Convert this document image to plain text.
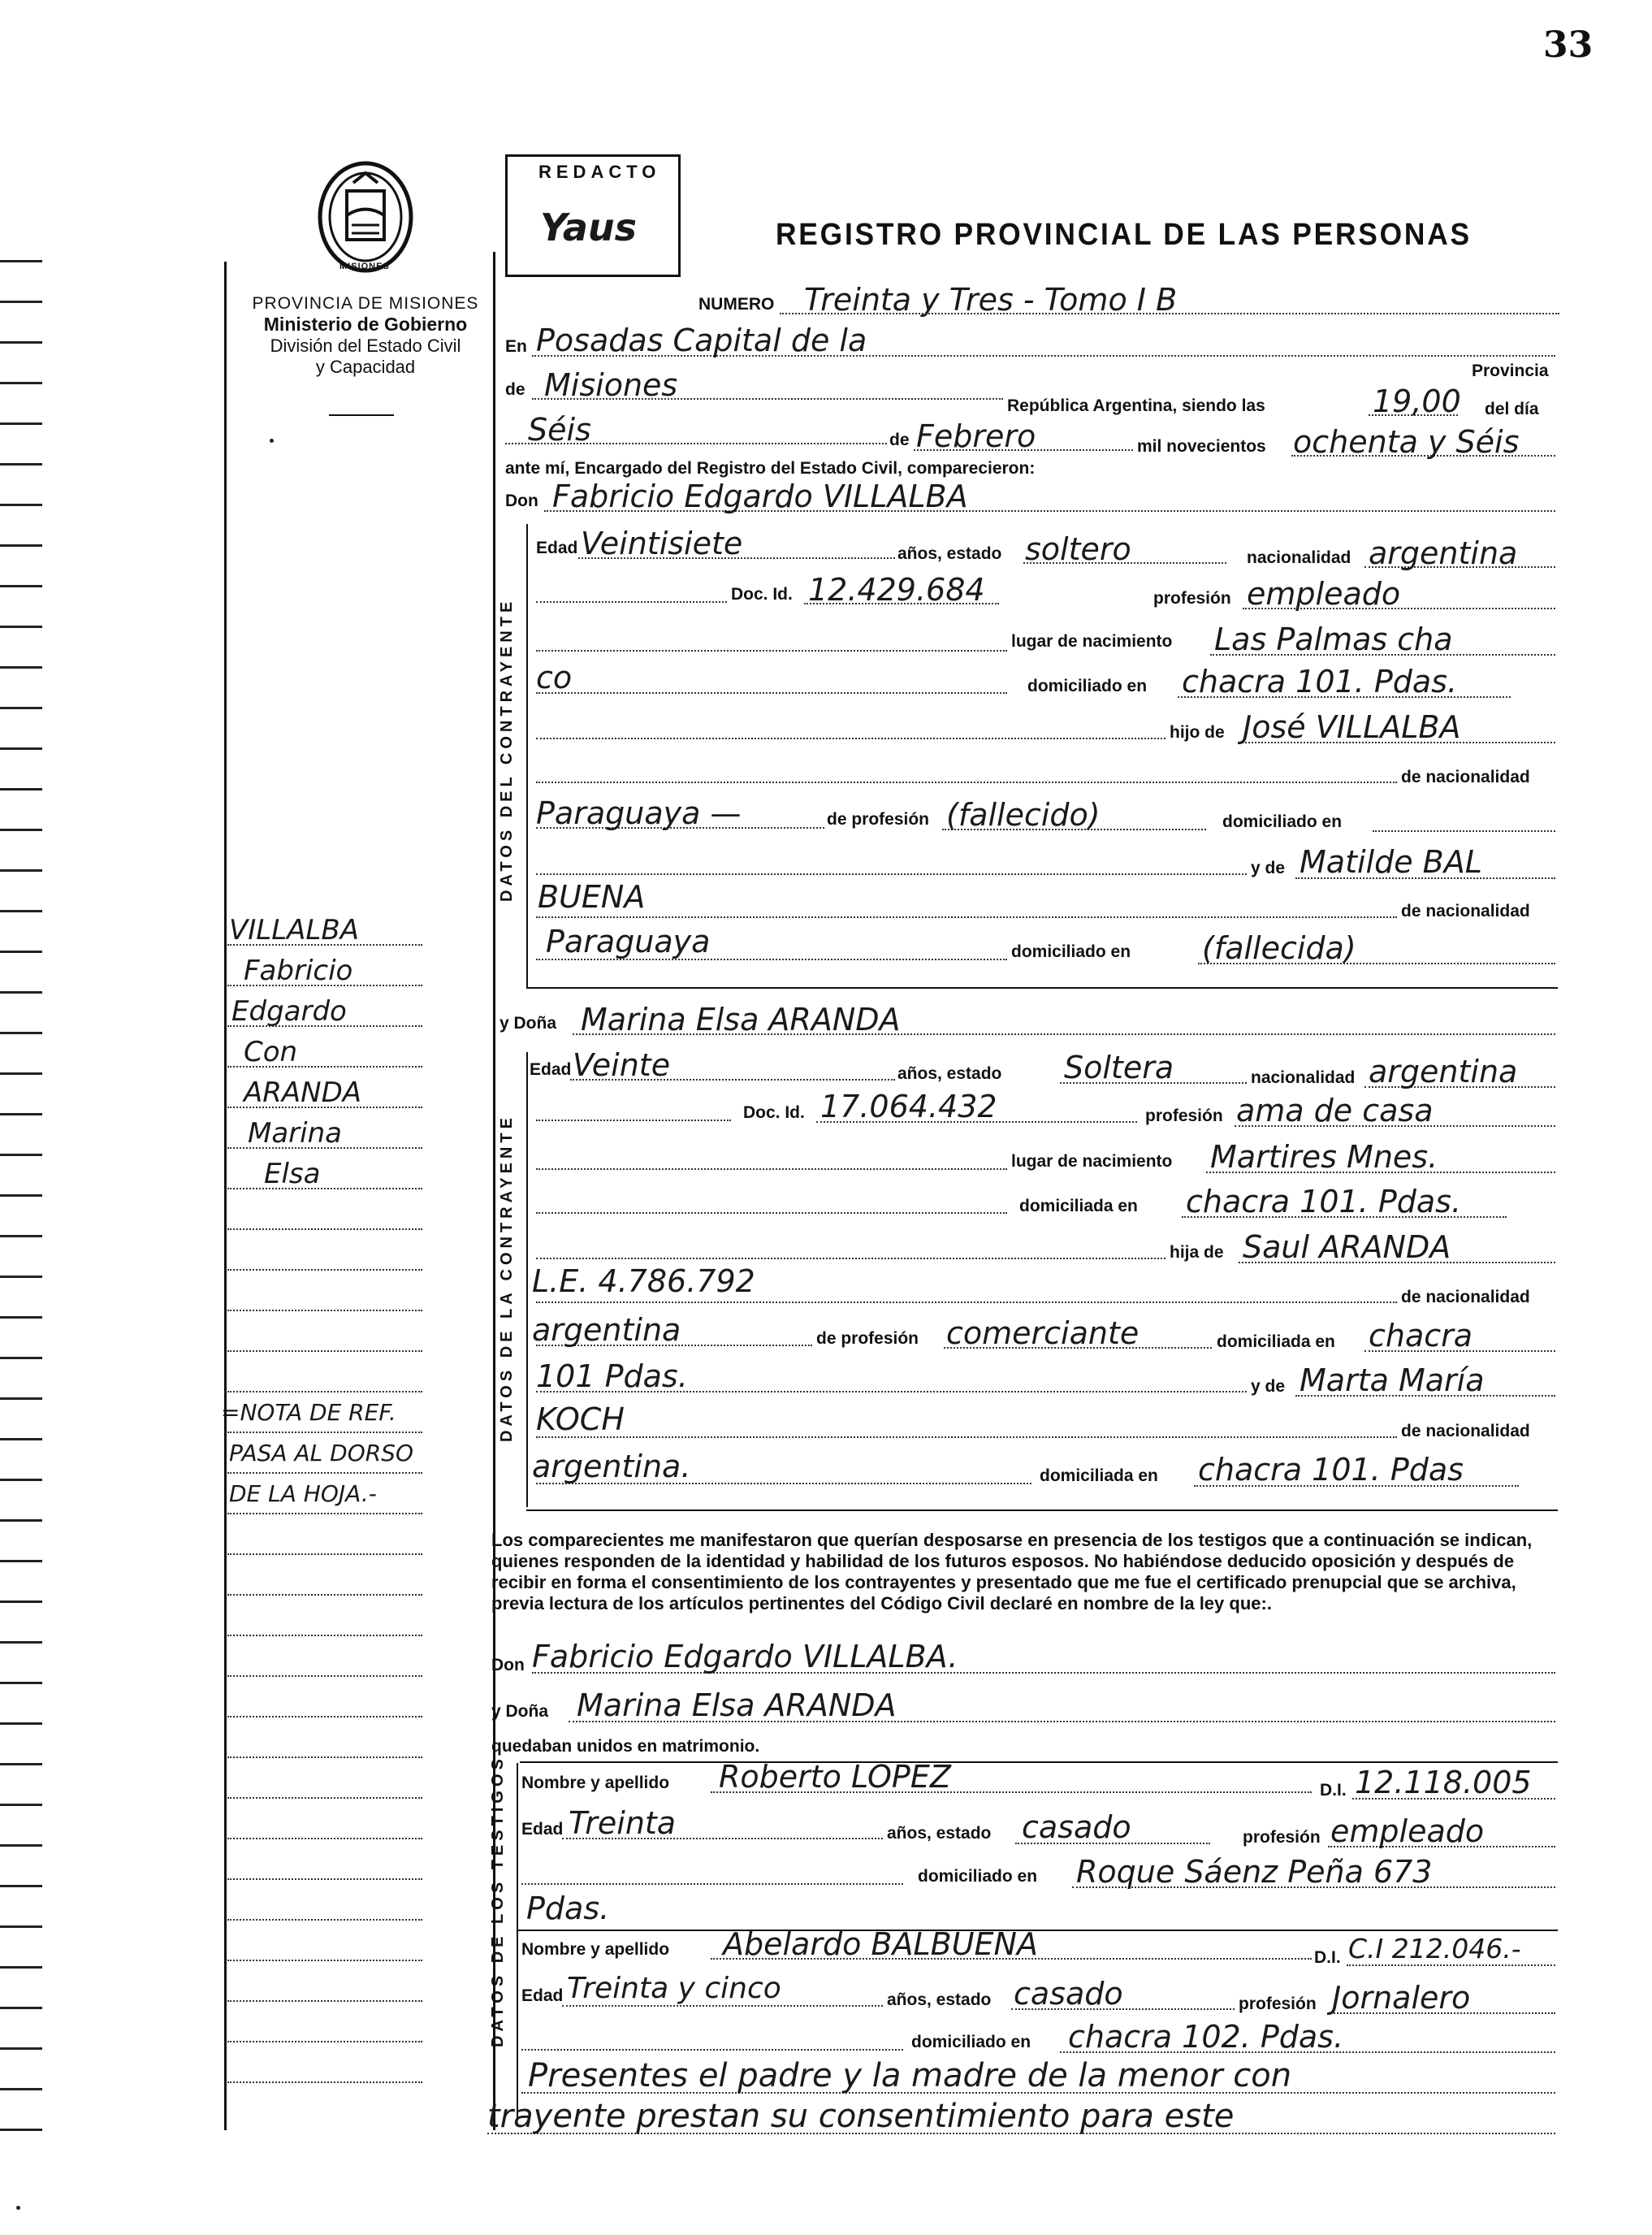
33
MISIONES
PROVINCIA DE MISIONES
Ministerio de Gobierno
División del Estado Civil
y Capacidad
REDACTO
Yaus	REGISTRO PROVINCIAL DE LAS PERSONAS
NUMERO Treinta y Tres - Tomo I B
En Posadas Capital de la
Provincia
de Misiones
República Argentina, siendo las	19,00 del día
Séis	de Febrero	mil novecientos ochenta y Séis
ante mí, Encargado del Registro del Estado Civil, comparecieron:
Don Fabricio Edgardo VILLALBA
DATOS DEL CONTRAYENTE
Edad Veintisiete	años, estado soltero	nacionalidad argentina
Doc. Id. 12.429.684	profesión empleado
lugar de nacimiento Las Palmas cha
co	domiciliado en chacra 101. Pdas.
hijo de José VILLALBA
de nacionalidad
Paraguaya —	de profesión (fallecido)	domiciliado en
y de Matilde BAL
BUENA	de nacionalidad
Paraguaya	domiciliado en (fallecida)
y Doña Marina Elsa ARANDA
DATOS DE LA CONTRAYENTE
Edad Veinte	años, estado Soltera	nacionalidad argentina
Doc. Id. 17.064.432	profesión ama de casa
lugar de nacimiento Martires Mnes.
domiciliada en chacra 101. Pdas.
hija de Saul ARANDA
L.E. 4.786.792	de nacionalidad
argentina	de profesión comerciante	domiciliada en chacra
101 Pdas.	y de Marta María
KOCH	de nacionalidad
argentina.	domiciliada en chacra 101. Pdas
Los comparecientes me manifestaron que querían desposarse en presencia de los testigos que a continuación se indican, quienes responden de la identidad y habilidad de los futuros esposos. No habiéndose deducido oposición y después de recibir en forma el consentimiento de los contrayentes y presentado que me fue el certificado prenupcial que se archiva, previa lectura de los artículos pertinentes del Código Civil declaré en nombre de la ley que:.
Don Fabricio Edgardo VILLALBA.
y Doña Marina Elsa ARANDA
quedaban unidos en matrimonio.
DATOS DE LOS TESTIGOS Nombre y apellido Roberto LOPEZ	D.I. 12.118.005
Edad Treinta	años, estado casado	profesión empleado
domiciliado en Roque Sáenz Peña 673
Pdas.
Nombre y apellido Abelardo BALBUENA	D.I. C.I 212.046.-
Edad Treinta y cinco	años, estado casado	profesión Jornalero
domiciliado en chacra 102. Pdas.
Presentes el padre y la madre de la menor con
trayente prestan su consentimiento para este
VILLALBA
Fabricio
Edgardo
Con
ARANDA
Marina
Elsa
=NOTA DE REF.
PASA AL DORSO
DE LA HOJA.-
